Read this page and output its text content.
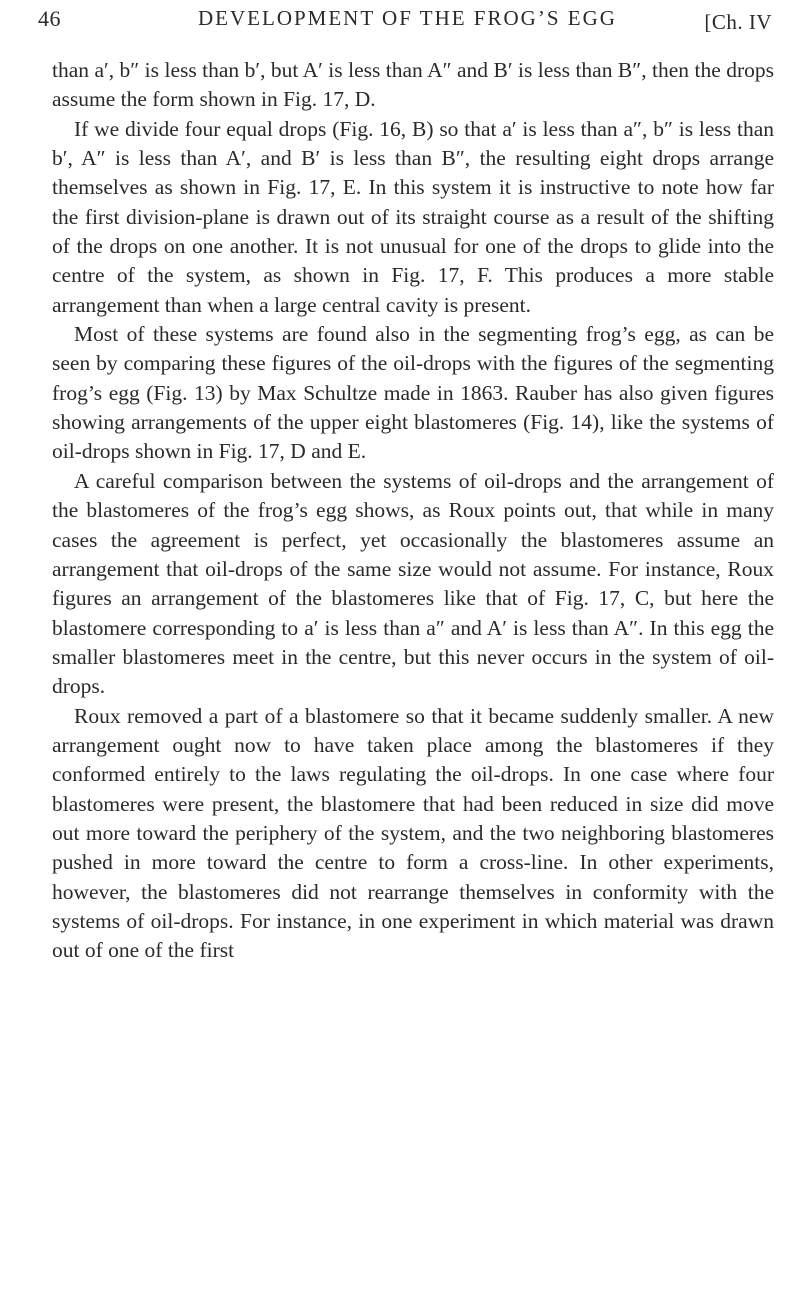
46	DEVELOPMENT OF THE FROG’S EGG	[Ch. IV

than a′, b″ is less than b′, but A′ is less than A″ and B′ is less than B″, then the drops assume the form shown in Fig. 17, D.

If we divide four equal drops (Fig. 16, B) so that a′ is less than a″, b″ is less than b′, A″ is less than A′, and B′ is less than B″, the resulting eight drops arrange themselves as shown in Fig. 17, E. In this system it is instructive to note how far the first division-plane is drawn out of its straight course as a result of the shifting of the drops on one another. It is not unusual for one of the drops to glide into the centre of the system, as shown in Fig. 17, F. This produces a more stable arrangement than when a large central cavity is present.

Most of these systems are found also in the segmenting frog’s egg, as can be seen by comparing these figures of the oil-drops with the figures of the segmenting frog’s egg (Fig. 13) by Max Schultze made in 1863. Rauber has also given figures showing arrangements of the upper eight blastomeres (Fig. 14), like the systems of oil-drops shown in Fig. 17, D and E.

A careful comparison between the systems of oil-drops and the arrangement of the blastomeres of the frog’s egg shows, as Roux points out, that while in many cases the agreement is perfect, yet occasionally the blastomeres assume an arrangement that oil-drops of the same size would not assume. For instance, Roux figures an arrangement of the blastomeres like that of Fig. 17, C, but here the blastomere corresponding to a′ is less than a″ and A′ is less than A″. In this egg the smaller blastomeres meet in the centre, but this never occurs in the system of oil-drops.

Roux removed a part of a blastomere so that it became suddenly smaller. A new arrangement ought now to have taken place among the blastomeres if they conformed entirely to the laws regulating the oil-drops. In one case where four blastomeres were present, the blastomere that had been reduced in size did move out more toward the periphery of the system, and the two neighboring blastomeres pushed in more toward the centre to form a cross-line. In other experiments, however, the blastomeres did not rearrange themselves in conformity with the systems of oil-drops. For instance, in one experiment in which material was drawn out of one of the first
